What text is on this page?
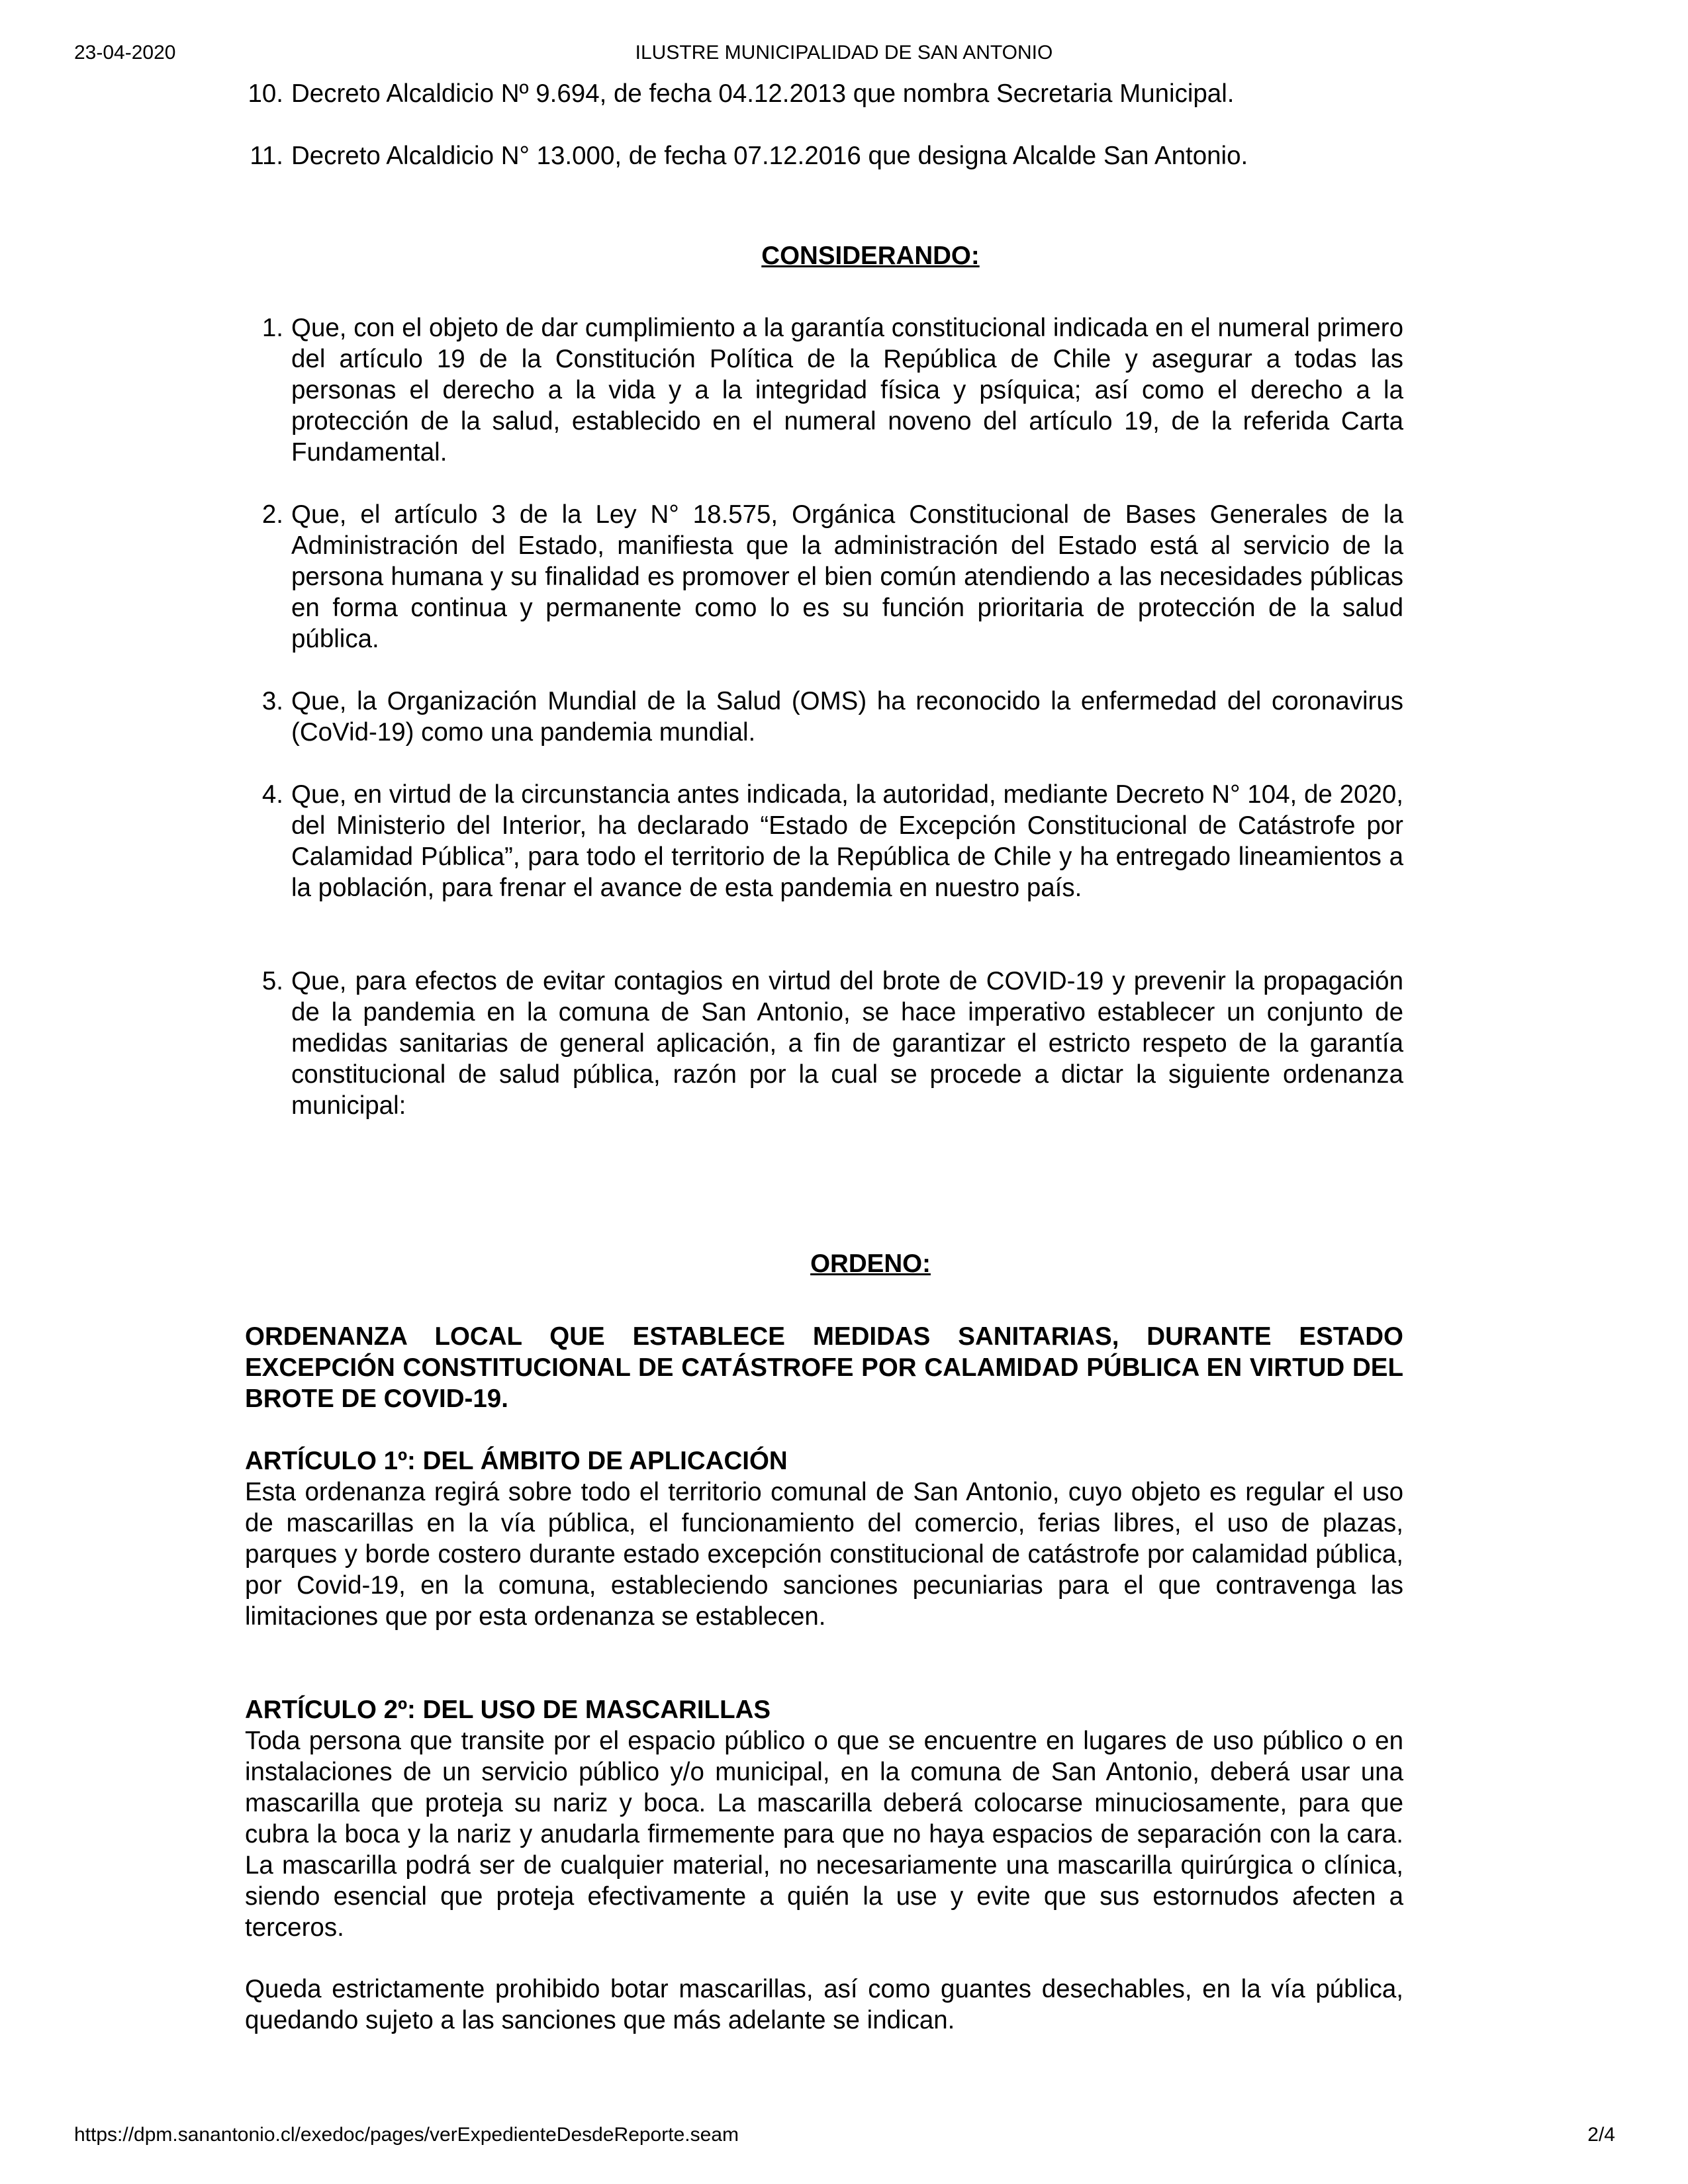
23-04-2020	ILUSTRE MUNICIPALIDAD DE SAN ANTONIO
10. Decreto Alcaldicio Nº 9.694, de fecha 04.12.2013 que nombra Secretaria Municipal.
11. Decreto Alcaldicio N° 13.000, de fecha 07.12.2016 que designa Alcalde San Antonio.
CONSIDERANDO:
1. Que, con el objeto de dar cumplimiento a la garantía constitucional indicada en el numeral primero del artículo 19 de la Constitución Política de la República de Chile y asegurar a todas las personas el derecho a la vida y a la integridad física y psíquica; así como el derecho a la protección de la salud, establecido en el numeral noveno del artículo 19, de la referida Carta Fundamental.
2. Que, el artículo 3 de la Ley N° 18.575, Orgánica Constitucional de Bases Generales de la Administración del Estado, manifiesta que la administración del Estado está al servicio de la persona humana y su finalidad es promover el bien común atendiendo a las necesidades públicas en forma continua y permanente como lo es su función prioritaria de protección de la salud pública.
3. Que, la Organización Mundial de la Salud (OMS) ha reconocido la enfermedad del coronavirus (CoVid-19) como una pandemia mundial.
4. Que, en virtud de la circunstancia antes indicada, la autoridad, mediante Decreto N° 104, de 2020, del Ministerio del Interior, ha declarado “Estado de Excepción Constitucional de Catástrofe por Calamidad Pública”, para todo el territorio de la República de Chile y ha entregado lineamientos a la población, para frenar el avance de esta pandemia en nuestro país.
5. Que, para efectos de evitar contagios en virtud del brote de COVID-19 y prevenir la propagación de la pandemia en la comuna de San Antonio, se hace imperativo establecer un conjunto de medidas sanitarias de general aplicación, a fin de garantizar el estricto respeto de la garantía constitucional de salud pública, razón por la cual se procede a dictar la siguiente ordenanza municipal:
ORDENO:
ORDENANZA LOCAL QUE ESTABLECE MEDIDAS SANITARIAS, DURANTE ESTADO EXCEPCIÓN CONSTITUCIONAL DE CATÁSTROFE POR CALAMIDAD PÚBLICA EN VIRTUD DEL BROTE DE COVID-19.
ARTÍCULO 1º: DEL ÁMBITO DE APLICACIÓN
Esta ordenanza regirá sobre todo el territorio comunal de San Antonio, cuyo objeto es regular el uso de mascarillas en la vía pública, el funcionamiento del comercio, ferias libres, el uso de plazas, parques y borde costero durante estado excepción constitucional de catástrofe por calamidad pública, por Covid-19, en la comuna, estableciendo sanciones pecuniarias para el que contravenga las limitaciones que por esta ordenanza se establecen.
ARTÍCULO 2º: DEL USO DE MASCARILLAS
Toda persona que transite por el espacio público o que se encuentre en lugares de uso público o en instalaciones de un servicio público y/o municipal, en la comuna de San Antonio, deberá usar una mascarilla que proteja su nariz y boca. La mascarilla deberá colocarse minuciosamente, para que cubra la boca y la nariz y anudarla firmemente para que no haya espacios de separación con la cara. La mascarilla podrá ser de cualquier material, no necesariamente una mascarilla quirúrgica o clínica, siendo esencial que proteja efectivamente a quién la use y evite que sus estornudos afecten a terceros.
Queda estrictamente prohibido botar mascarillas, así como guantes desechables, en la vía pública, quedando sujeto a las sanciones que más adelante se indican.
https://dpm.sanantonio.cl/exedoc/pages/verExpedienteDesdeReporte.seam	2/4
